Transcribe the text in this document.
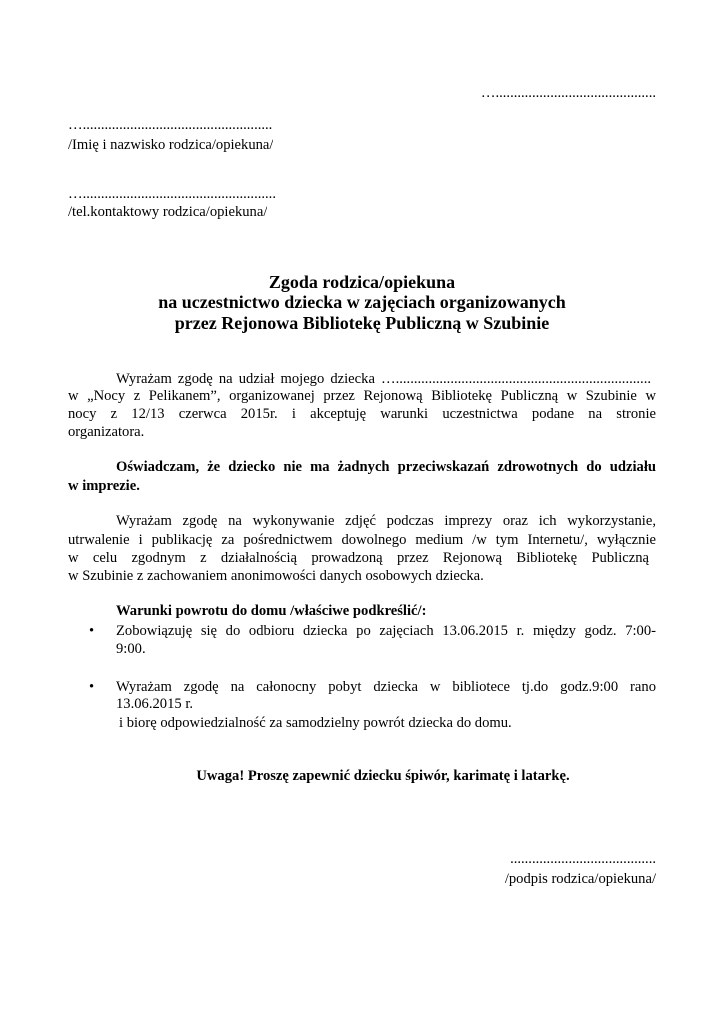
…............................................
…....................................................
/Imię i nazwisko rodzica/opiekuna/
….....................................................
/tel.kontaktowy rodzica/opiekuna/
Zgoda rodzica/opiekuna
na uczestnictwo dziecka w zajęciach organizowanych
przez Rejonowa Bibliotekę Publiczną w Szubinie
Wyrażam zgodę na udział mojego dziecka …......................................................................
w „Nocy z Pelikanem”, organizowanej przez Rejonową Bibliotekę Publiczną w Szubinie w
nocy z 12/13 czerwca 2015r. i akceptuję warunki uczestnictwa podane na stronie
organizatora.
Oświadczam, że dziecko nie ma żadnych przeciwskazań zdrowotnych do udziału
w imprezie.
Wyrażam zgodę na wykonywanie zdjęć podczas imprezy oraz ich wykorzystanie,
utrwalenie i publikację za pośrednictwem dowolnego medium /w tym Internetu/, wyłącznie
w celu zgodnym z działalnością prowadzoną przez Rejonową Bibliotekę Publiczną
w Szubinie z zachowaniem anonimowości danych osobowych dziecka.
Warunki powrotu do domu /właściwe podkreślić/:
• Zobowiązuję się do odbioru dziecka po zajęciach 13.06.2015 r. między godz. 7:00-
9:00.
• Wyrażam zgodę na całonocny pobyt dziecka w bibliotece tj.do godz.9:00 rano
13.06.2015 r.
i biorę odpowiedzialność za samodzielny powrót dziecka do domu.
Uwaga! Proszę zapewnić dziecku śpiwór, karimatę i latarkę.
........................................
/podpis rodzica/opiekuna/
